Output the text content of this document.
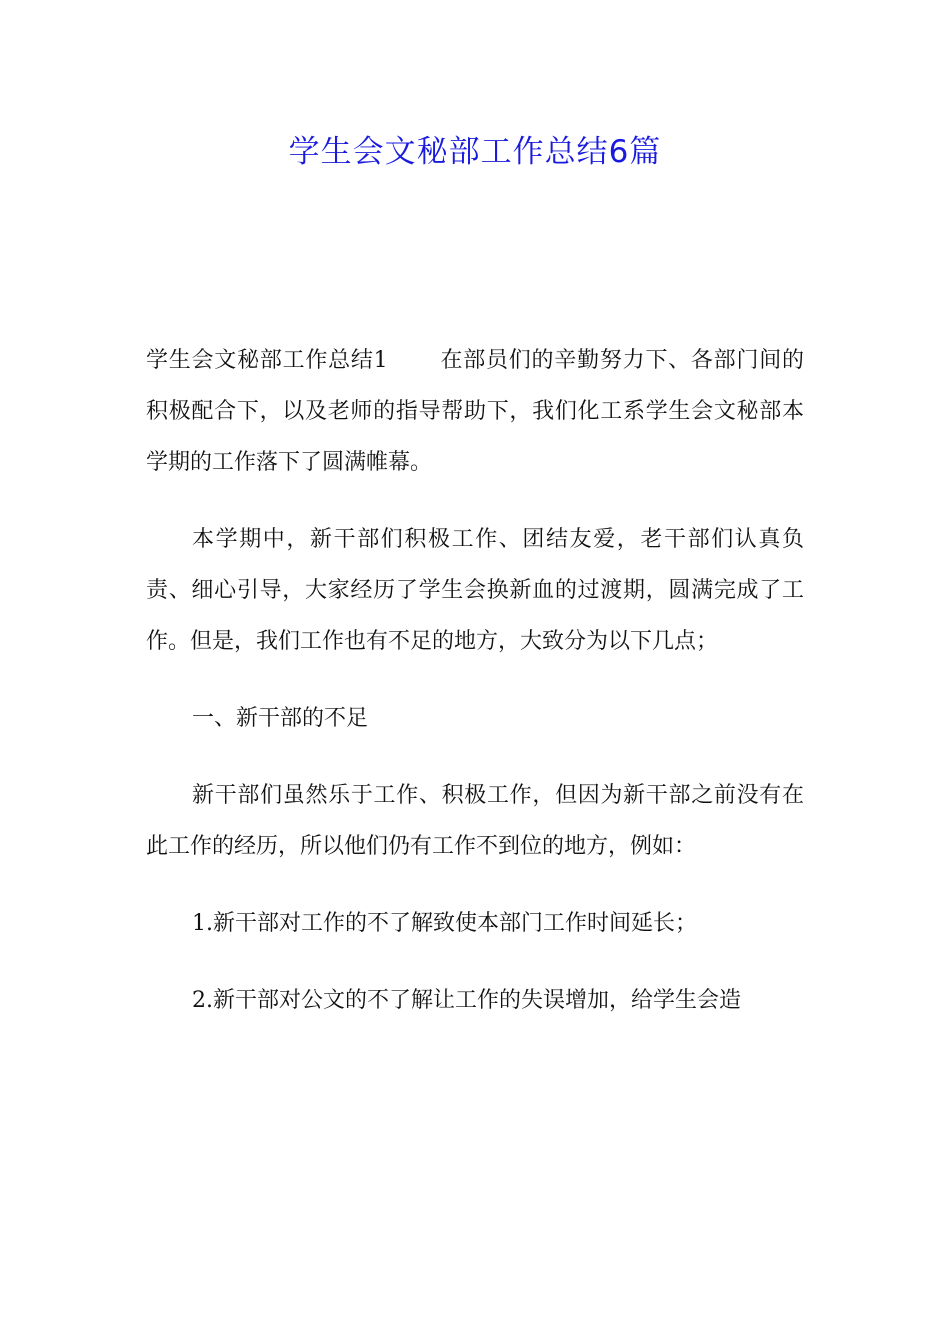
学生会文秘部工作总结6篇

学生会文秘部工作总结1 在部员们的辛勤努力下、各部门间的积极配合下，以及老师的指导帮助下，我们化工系学生会文秘部本学期的工作落下了圆满帷幕。

本学期中，新干部们积极工作、团结友爱，老干部们认真负责、细心引导，大家经历了学生会换新血的过渡期，圆满完成了工作。但是，我们工作也有不足的地方，大致分为以下几点；

一、新干部的不足

新干部们虽然乐于工作、积极工作，但因为新干部之前没有在此工作的经历，所以他们仍有工作不到位的地方，例如：

1.新干部对工作的不了解致使本部门工作时间延长；

2.新干部对公文的不了解让工作的失误增加，给学生会造
